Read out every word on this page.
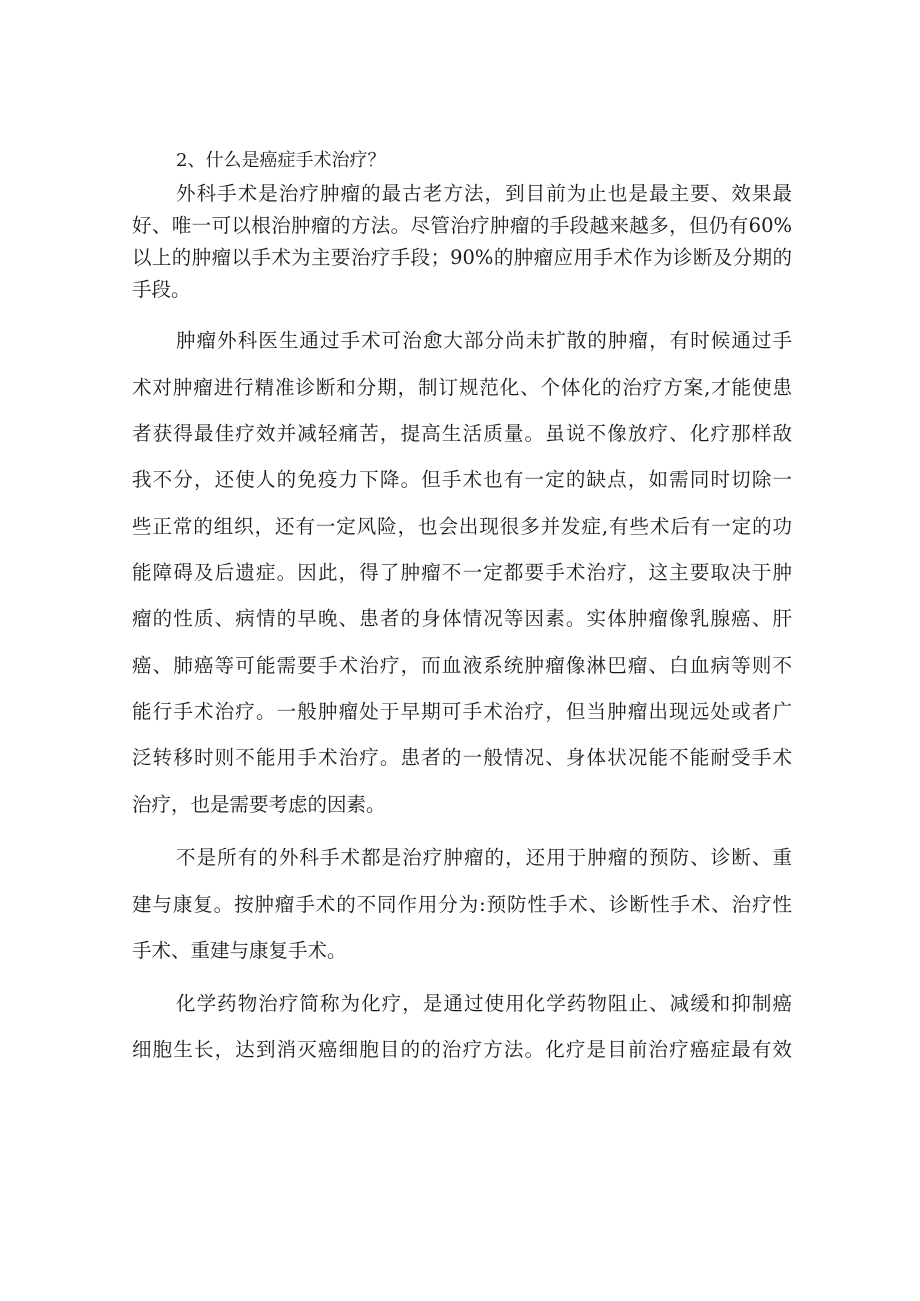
2、什么是癌症手术治疗？
外科手术是治疗肿瘤的最古老方法，到目前为止也是最主要、效果最
好、唯一可以根治肿瘤的方法。尽管治疗肿瘤的手段越来越多，但仍有60%
以上的肿瘤以手术为主要治疗手段；90%的肿瘤应用手术作为诊断及分期的
手段。
肿瘤外科医生通过手术可治愈大部分尚未扩散的肿瘤，有时候通过手
术对肿瘤进行精准诊断和分期，制订规范化、个体化的治疗方案,才能使患
者获得最佳疗效并减轻痛苦，提高生活质量。虽说不像放疗、化疗那样敌
我不分，还使人的免疫力下降。但手术也有一定的缺点，如需同时切除一
些正常的组织，还有一定风险，也会出现很多并发症,有些术后有一定的功
能障碍及后遗症。因此，得了肿瘤不一定都要手术治疗，这主要取决于肿
瘤的性质、病情的早晚、患者的身体情况等因素。实体肿瘤像乳腺癌、肝
癌、肺癌等可能需要手术治疗，而血液系统肿瘤像淋巴瘤、白血病等则不
能行手术治疗。一般肿瘤处于早期可手术治疗，但当肿瘤出现远处或者广
泛转移时则不能用手术治疗。患者的一般情况、身体状况能不能耐受手术
治疗，也是需要考虑的因素。
不是所有的外科手术都是治疗肿瘤的，还用于肿瘤的预防、诊断、重
建与康复。按肿瘤手术的不同作用分为:预防性手术、诊断性手术、治疗性
手术、重建与康复手术。
化学药物治疗简称为化疗，是通过使用化学药物阻止、减缓和抑制癌
细胞生长，达到消灭癌细胞目的的治疗方法。化疗是目前治疗癌症最有效
